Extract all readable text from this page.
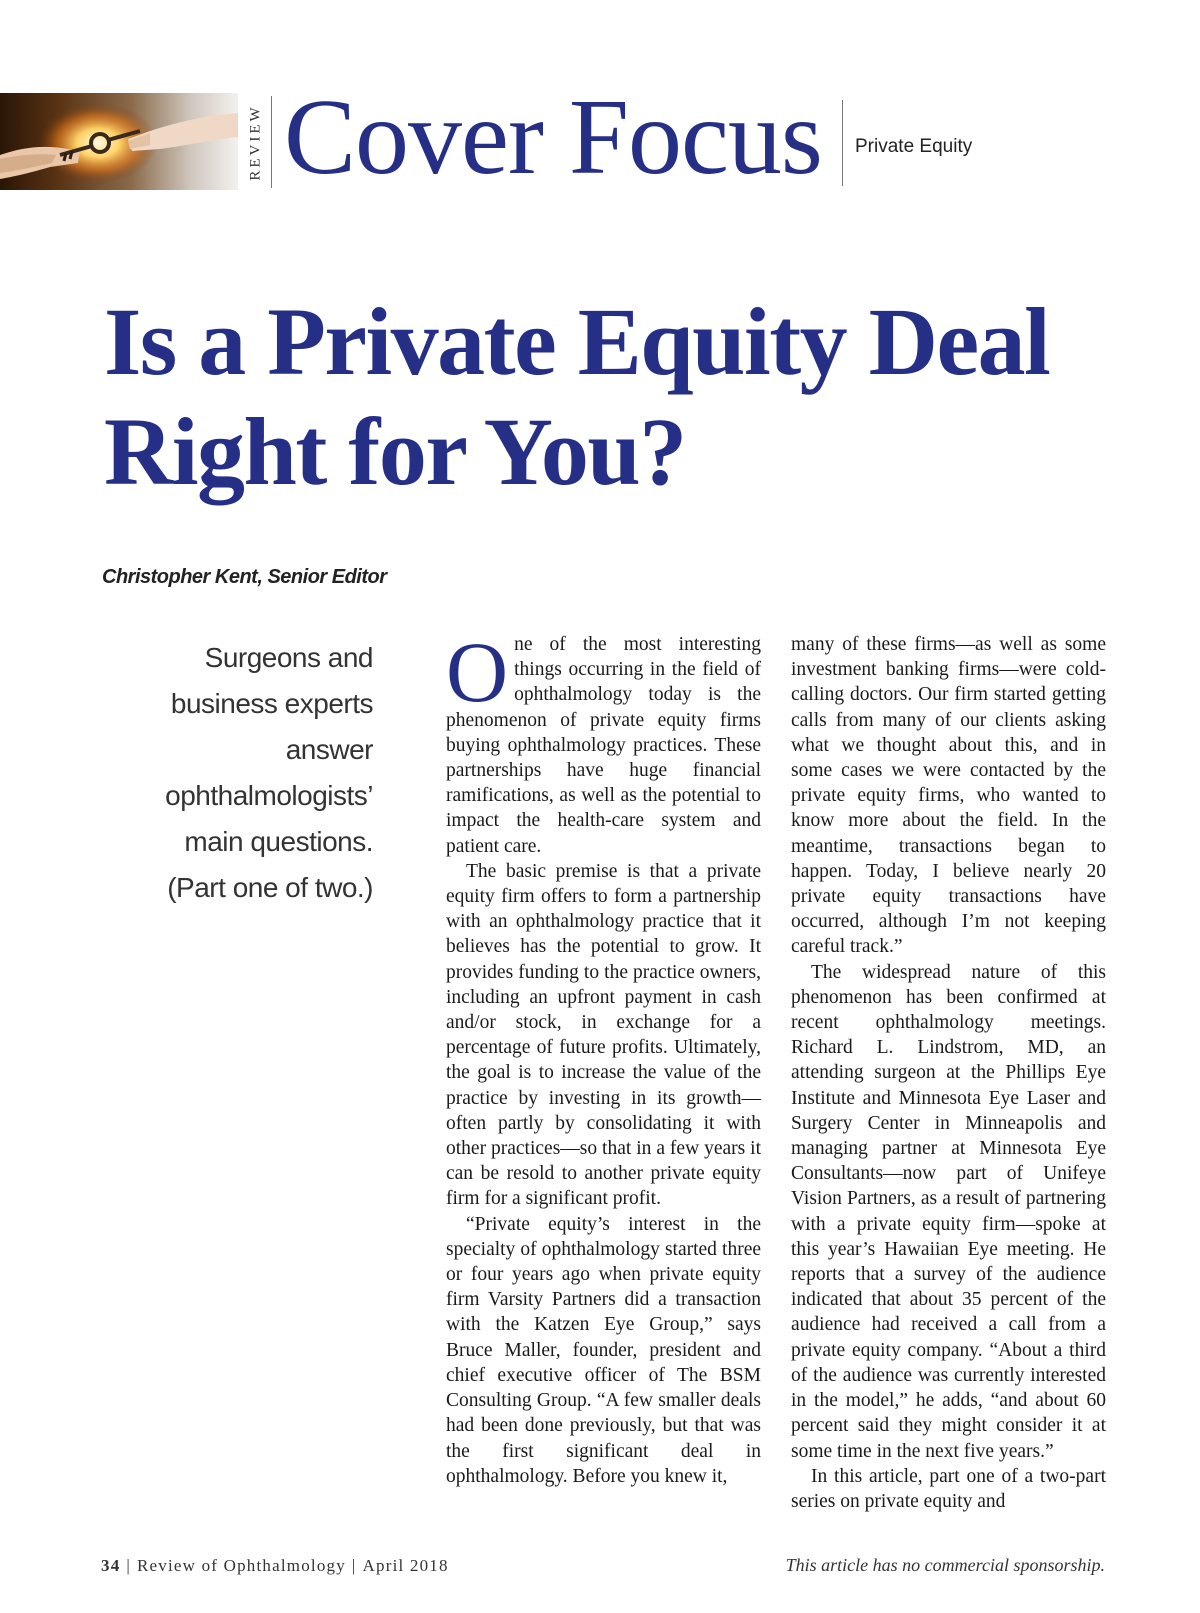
REVIEW Cover Focus Private Equity
Is a Private Equity Deal
Right for You?
Christopher Kent, Senior Editor
Surgeons and business experts answer ophthalmologists’ main questions. (Part one of two.)

One of the most interesting things occurring in the field of ophthalmology today is the phenomenon of private equity firms buying ophthalmology practices. These partnerships have huge financial ramifications, as well as the potential to impact the health-care system and patient care.

The basic premise is that a private equity firm offers to form a partnership with an ophthalmology practice that it believes has the potential to grow. It provides funding to the practice owners, including an upfront payment in cash and/or stock, in exchange for a percentage of future profits. Ultimately, the goal is to increase the value of the practice by investing in its growth—often partly by consolidating it with other practices—so that in a few years it can be resold to another private equity firm for a significant profit.

“Private equity’s interest in the specialty of ophthalmology started three or four years ago when private equity firm Varsity Partners did a transaction with the Katzen Eye Group,” says Bruce Maller, founder, president and chief executive officer of The BSM Consulting Group. “A few smaller deals had been done previously, but that was the first significant deal in ophthalmology. Before you knew it,

many of these firms—as well as some investment banking firms—were cold-calling doctors. Our firm started getting calls from many of our clients asking what we thought about this, and in some cases we were contacted by the private equity firms, who wanted to know more about the field. In the meantime, transactions began to happen. Today, I believe nearly 20 private equity transactions have occurred, although I’m not keeping careful track.”

The widespread nature of this phenomenon has been confirmed at recent ophthalmology meetings. Richard L. Lindstrom, MD, an attending surgeon at the Phillips Eye Institute and Minnesota Eye Laser and Surgery Center in Minneapolis and managing partner at Minnesota Eye Consultants—now part of Unifeye Vision Partners, as a result of partnering with a private equity firm—spoke at this year’s Hawaiian Eye meeting. He reports that a survey of the audience indicated that about 35 percent of the audience had received a call from a private equity company. “About a third of the audience was currently interested in the model,” he adds, “and about 60 percent said they might consider it at some time in the next five years.”

In this article, part one of a two-part series on private equity and

34 | Review of Ophthalmology | April 2018	This article has no commercial sponsorship.
